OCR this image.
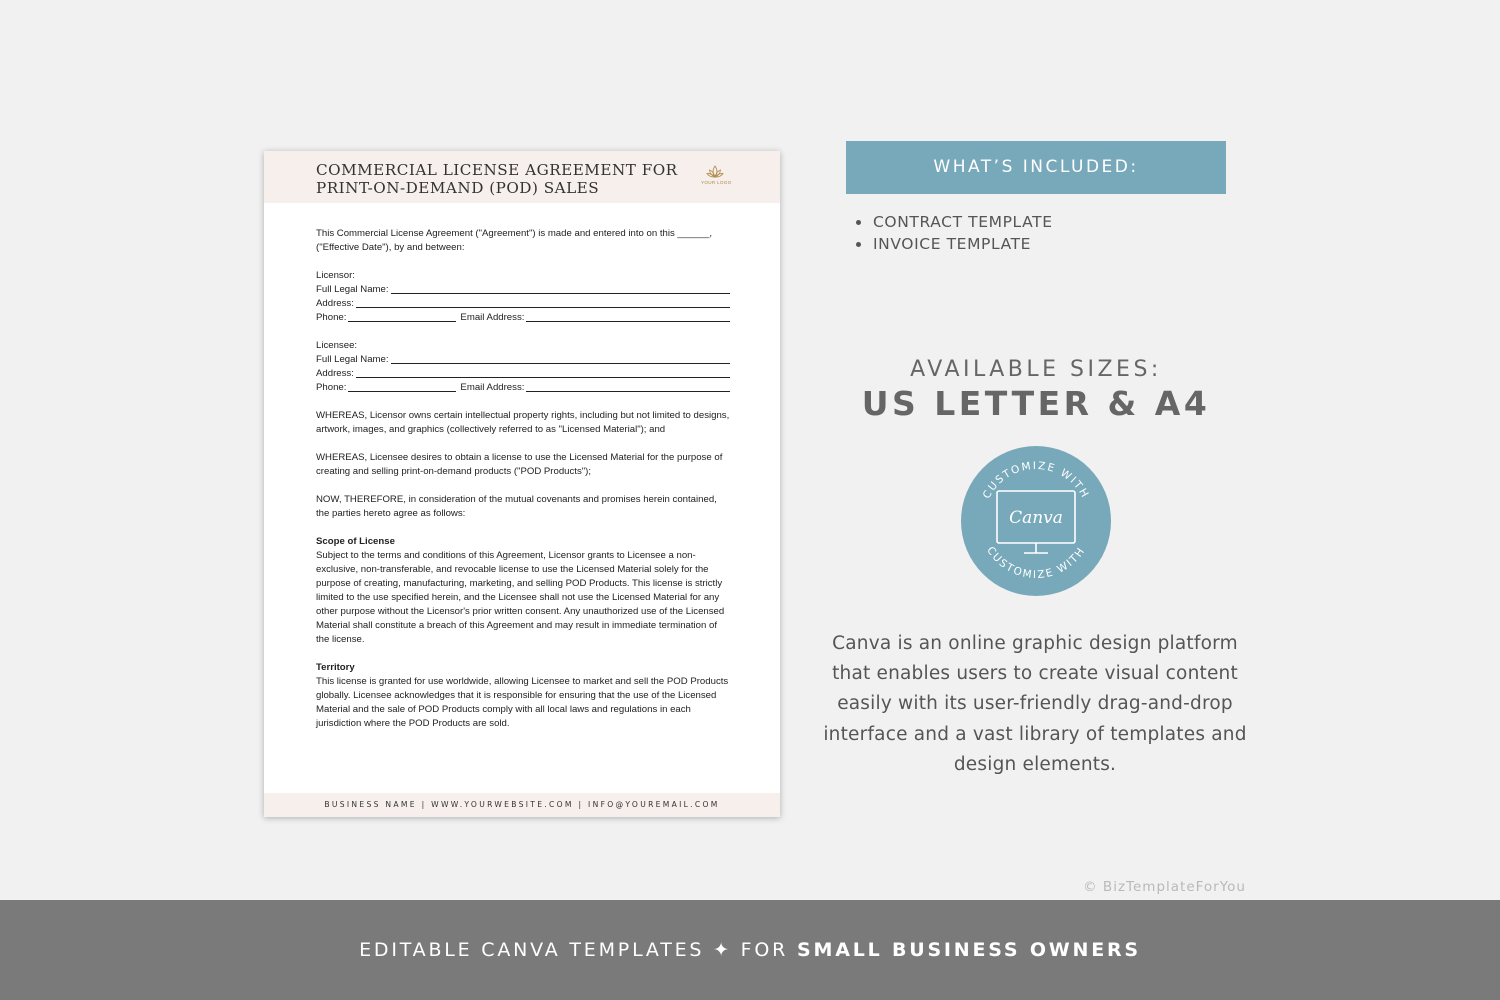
COMMERCIAL LICENSE AGREEMENT FOR
PRINT-ON-DEMAND (POD) SALES	YOUR LOGO

This Commercial License Agreement ("Agreement") is made and entered into on this ______, ("Effective Date"), by and between:

Licensor:

Full Legal Name:
Address:
Phone:	Email Address:

Licensee:

Full Legal Name:
Address:
Phone:	Email Address:

WHEREAS, Licensor owns certain intellectual property rights, including but not limited to designs, artwork, images, and graphics (collectively referred to as "Licensed Material"); and

WHEREAS, Licensee desires to obtain a license to use the Licensed Material for the purpose of creating and selling print-on-demand products ("POD Products");

NOW, THEREFORE, in consideration of the mutual covenants and promises herein contained, the parties hereto agree as follows:

Scope of License

Subject to the terms and conditions of this Agreement, Licensor grants to Licensee a non-exclusive, non-transferable, and revocable license to use the Licensed Material solely for the purpose of creating, manufacturing, marketing, and selling POD Products. This license is strictly limited to the use specified herein, and the Licensee shall not use the Licensed Material for any other purpose without the Licensor's prior written consent. Any unauthorized use of the Licensed Material shall constitute a breach of this Agreement and may result in immediate termination of the license.

Territory

This license is granted for use worldwide, allowing Licensee to market and sell the POD Products globally. Licensee acknowledges that it is responsible for ensuring that the use of the Licensed Material and the sale of POD Products comply with all local laws and regulations in each jurisdiction where the POD Products are sold.

BUSINESS NAME | WWW.YOURWEBSITE.COM | INFO@YOUREMAIL.COM
WHAT’S INCLUDED:
CONTRACT TEMPLATE
INVOICE TEMPLATE
AVAILABLE SIZES:
US LETTER & A4
CUSTOMIZE WITH
CUSTOMIZE WITH
Canva
Canva is an online graphic design platform that enables users to create visual content easily with its user-friendly drag-and-drop interface and a vast library of templates and design elements.
© BizTemplateForYou
EDITABLE CANVA TEMPLATES ✦ FOR SMALL BUSINESS OWNERS
